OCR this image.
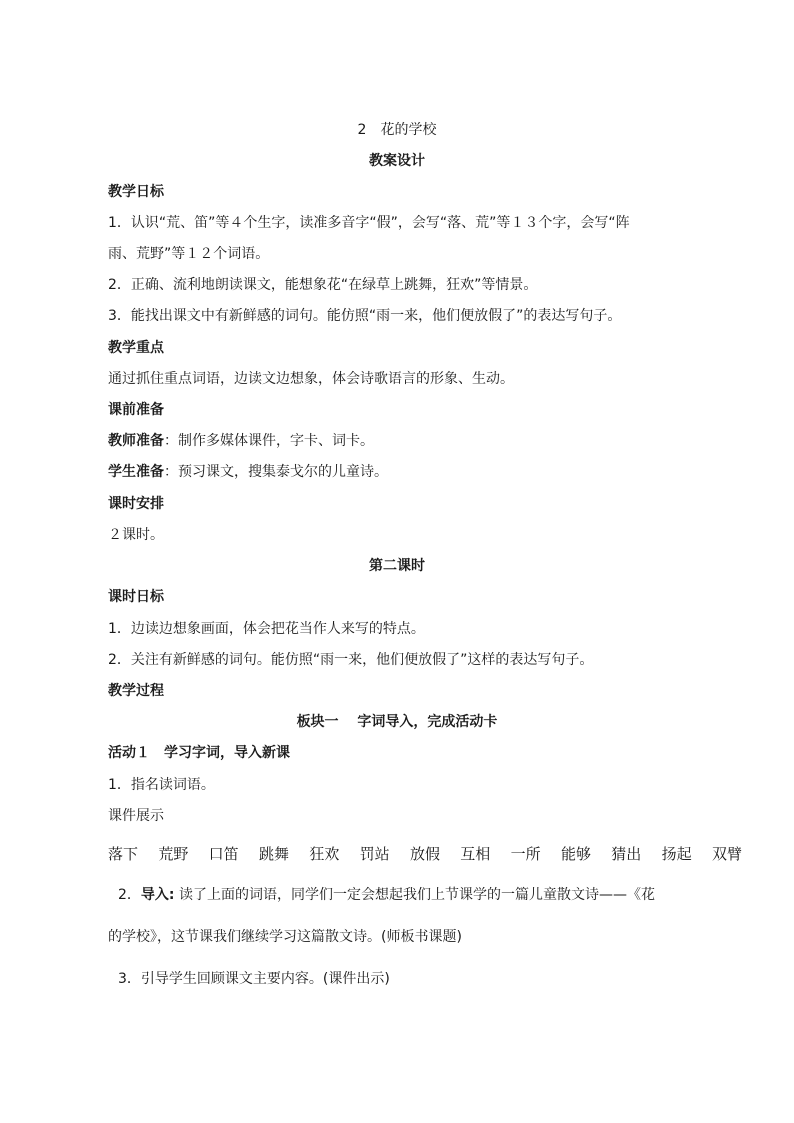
2　花的学校
教案设计
教学日标
1．认识“荒、笛”等４个生字，读准多音字“假”，会写“落、荒”等１３个字，会写“阵
雨、荒野”等１２个词语。
2．正确、流利地朗读课文，能想象花“在绿草上跳舞，狂欢”等情景。
3．能找出课文中有新鲜感的词句。能仿照“雨一来，他们便放假了”的表达写句子。
教学重点
通过抓住重点词语，边读文边想象，体会诗歌语言的形象、生动。
课前准备
教师准备：制作多媒体课件，字卡、词卡。
学生准备：预习课文，搜集泰戈尔的儿童诗。
课时安排
２课时。
第二课时
课时日标
1．边读边想象画面，体会把花当作人来写的特点。
2．关注有新鲜感的词句。能仿照“雨一来，他们便放假了”这样的表达写句子。
教学过程
板块一　 字词导入，完成活动卡
活动１　学习字词，导入新课
1．指名读词语。
课件展示
落下 荒野 口笛 跳舞 狂欢 罚站 放假 互相 一所 能够 猜出 扬起 双臂
2．导入: 读了上面的词语，同学们一定会想起我们上节课学的一篇儿童散文诗——《花
的学校》，这节课我们继续学习这篇散文诗。(师板书课题)
3．引导学生回顾课文主要内容。(课件出示)
